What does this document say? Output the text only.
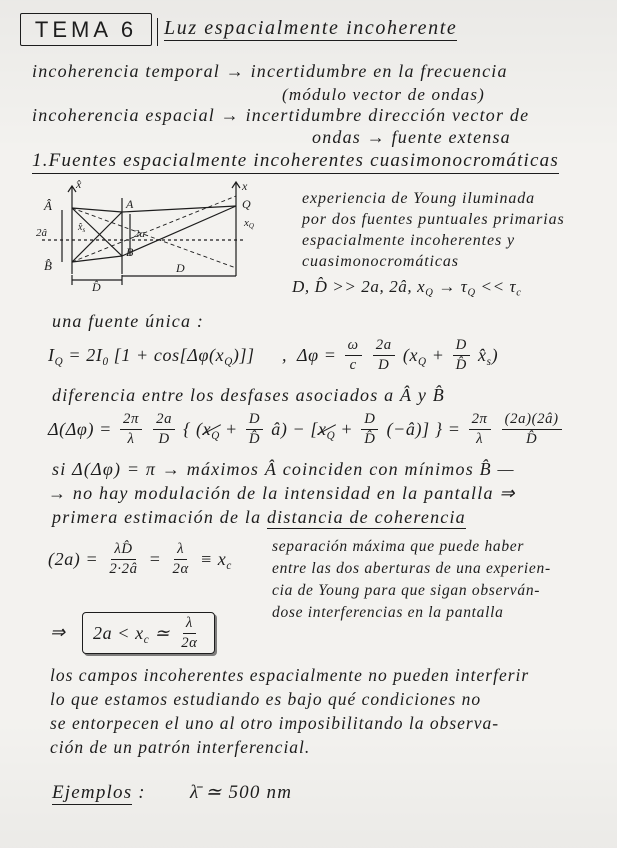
TEMA 6	Luz espacialmente incoherente
incoherencia temporal → incertidumbre en la frecuencia
(módulo vector de ondas)
incoherencia espacial → incertidumbre dirección vector de
ondas → fuente extensa
1.Fuentes espacialmente incoherentes cuasimonocromáticas
x̂
Â
2â	$x̂_s$
B̂
A
2a
B
x
Q
xQ
D̂
D
experiencia de Young iluminada
por dos fuentes puntuales primarias
espacialmente incoherentes y
cuasimonocromáticas
D, D̂ >> 2a, 2â, $x_Q \to \tau_Q << \tau_c$
una fuente única :
$I_Q = 2$ $I_0$ [1 + cos[Δφ( $x_Q$ )]] ,  $\Delta\varphi = \frac{\omega}{c}$
$\frac{2a}{D}$ ( $x_Q + \frac{D}{D̂}$
$x̂_s$ )
diferencia entre los desfases asociados a Â y B̂
$\Delta(\Delta\varphi) = \frac{2\pi}{\lambda}$
$\frac{2a}{D}$ { ( $x_Q + \frac{D}{D̂}$ â) − [ $x_Q + \frac{D}{D̂}$ (−â)] } = $\frac{2\pi}{\lambda}$
$\frac{(2a)(2â)}{D̂}$
si Δ(Δφ) = π → máximos Â coinciden con mínimos B̂ —
→ no hay modulación de la intensidad en la pantalla ⇒
primera estimación de la distancia de coherencia
$(2a) = \frac{\lambda D̂}{2\cdot 2â} = \frac{\lambda}{2\alpha} \equiv x_c$
separación máxima que puede haber
entre las dos aberturas de una experien-
cia de Young para que sigan observán-
dose interferencias en la pantalla
⇒ $2a < x_c$ ≃ $\frac{\lambda}{2\alpha}$
los campos incoherentes espacialmente no pueden interferir
lo que estamos estudiando es bajo qué condiciones no
se entorpecen el uno al otro imposibilitando la observa-
ción de un patrón interferencial.
Ejemplos : λ̄ ≃ 500 nm
